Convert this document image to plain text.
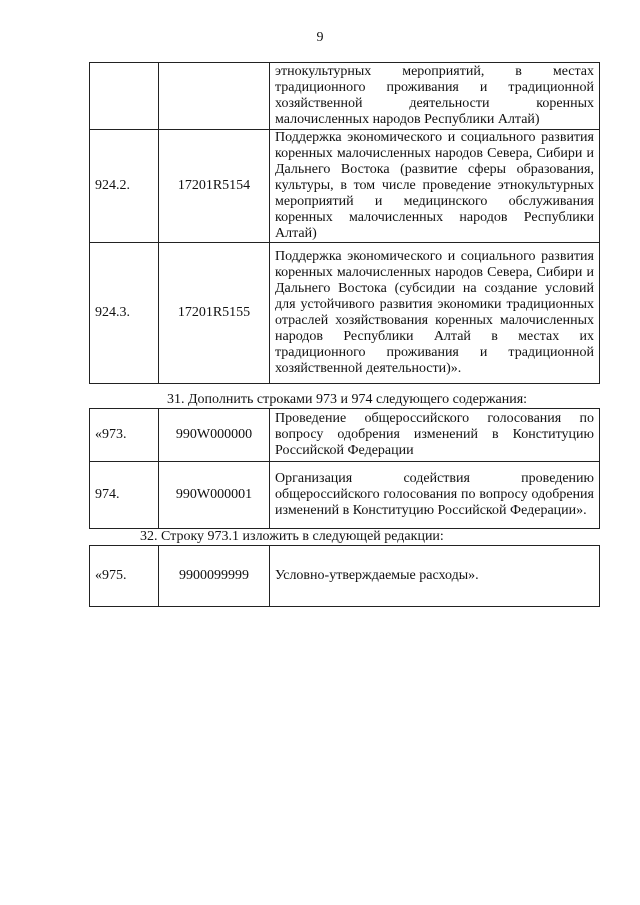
9
		этнокультурных мероприятий, в местах традиционного проживания и традиционной хозяйственной деятельности коренных малочисленных народов Республики Алтай)
924.2.	17201R5154	Поддержка экономического и социального развития коренных малочисленных народов Севера, Сибири и Дальнего Востока (развитие сферы образования, культуры, в том числе проведение этнокультурных мероприятий и медицинского обслуживания коренных малочисленных народов Республики Алтай)
924.3.	17201R5155	Поддержка экономического и социального развития коренных малочисленных народов Севера, Сибири и Дальнего Востока (субсидии на создание условий для устойчивого развития экономики традиционных отраслей хозяйствования коренных малочисленных народов Республики Алтай в местах их традиционного проживания и традиционной хозяйственной деятельности)».
31. Дополнить строками 973 и 974 следующего содержания:
«973.	990W000000	Проведение общероссийского голосования по вопросу одобрения изменений в Конституцию Российской Федерации
974.	990W000001	Организация содействия проведению общероссийского голосования по вопросу одобрения изменений в Конституцию Российской Федерации».
32. Строку 973.1 изложить в следующей редакции:
«975.	9900099999	Условно-утверждаемые расходы».
